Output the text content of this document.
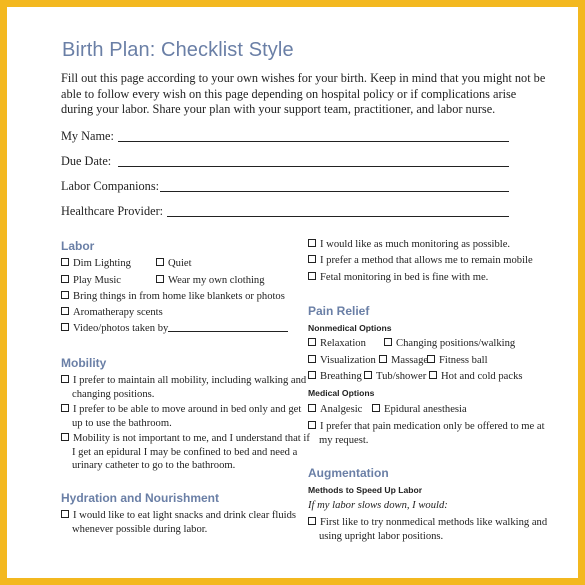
Birth Plan: Checklist Style
Fill out this page according to your own wishes for your birth. Keep in mind that you might not be able to follow every wish on this page depending on hospital policy or if complications arise during your labor. Share your plan with your support team, practitioner, and labor nurse.
My Name:
Due Date:
Labor Companions:
Healthcare Provider:
Labor
Dim Lighting	Quiet
Play Music	Wear my own clothing
Bring things in from home like blankets or photos
Aromatherapy scents
Video/photos taken by
Mobility
I prefer to maintain all mobility, including walking and changing positions.
I prefer to be able to move around in bed only and get up to use the bathroom.
Mobility is not important to me, and I understand that if I get an epidural I may be confined to bed and need a urinary catheter to go to the bathroom.
Hydration and Nourishment
I would like to eat light snacks and drink clear fluids whenever possible during labor.
I would like as much monitoring as possible.
I prefer a method that allows me to remain mobile
Fetal monitoring in bed is fine with me.
Pain Relief
Nonmedical Options
Relaxation	Changing positions/walking
Visualization	Massage	Fitness ball
Breathing	Tub/shower	Hot and cold packs
Medical Options
Analgesic	Epidural anesthesia
I prefer that pain medication only be offered to me at my request.
Augmentation
Methods to Speed Up Labor
If my labor slows down, I would:
First like to try nonmedical methods like walking and using upright labor positions.
